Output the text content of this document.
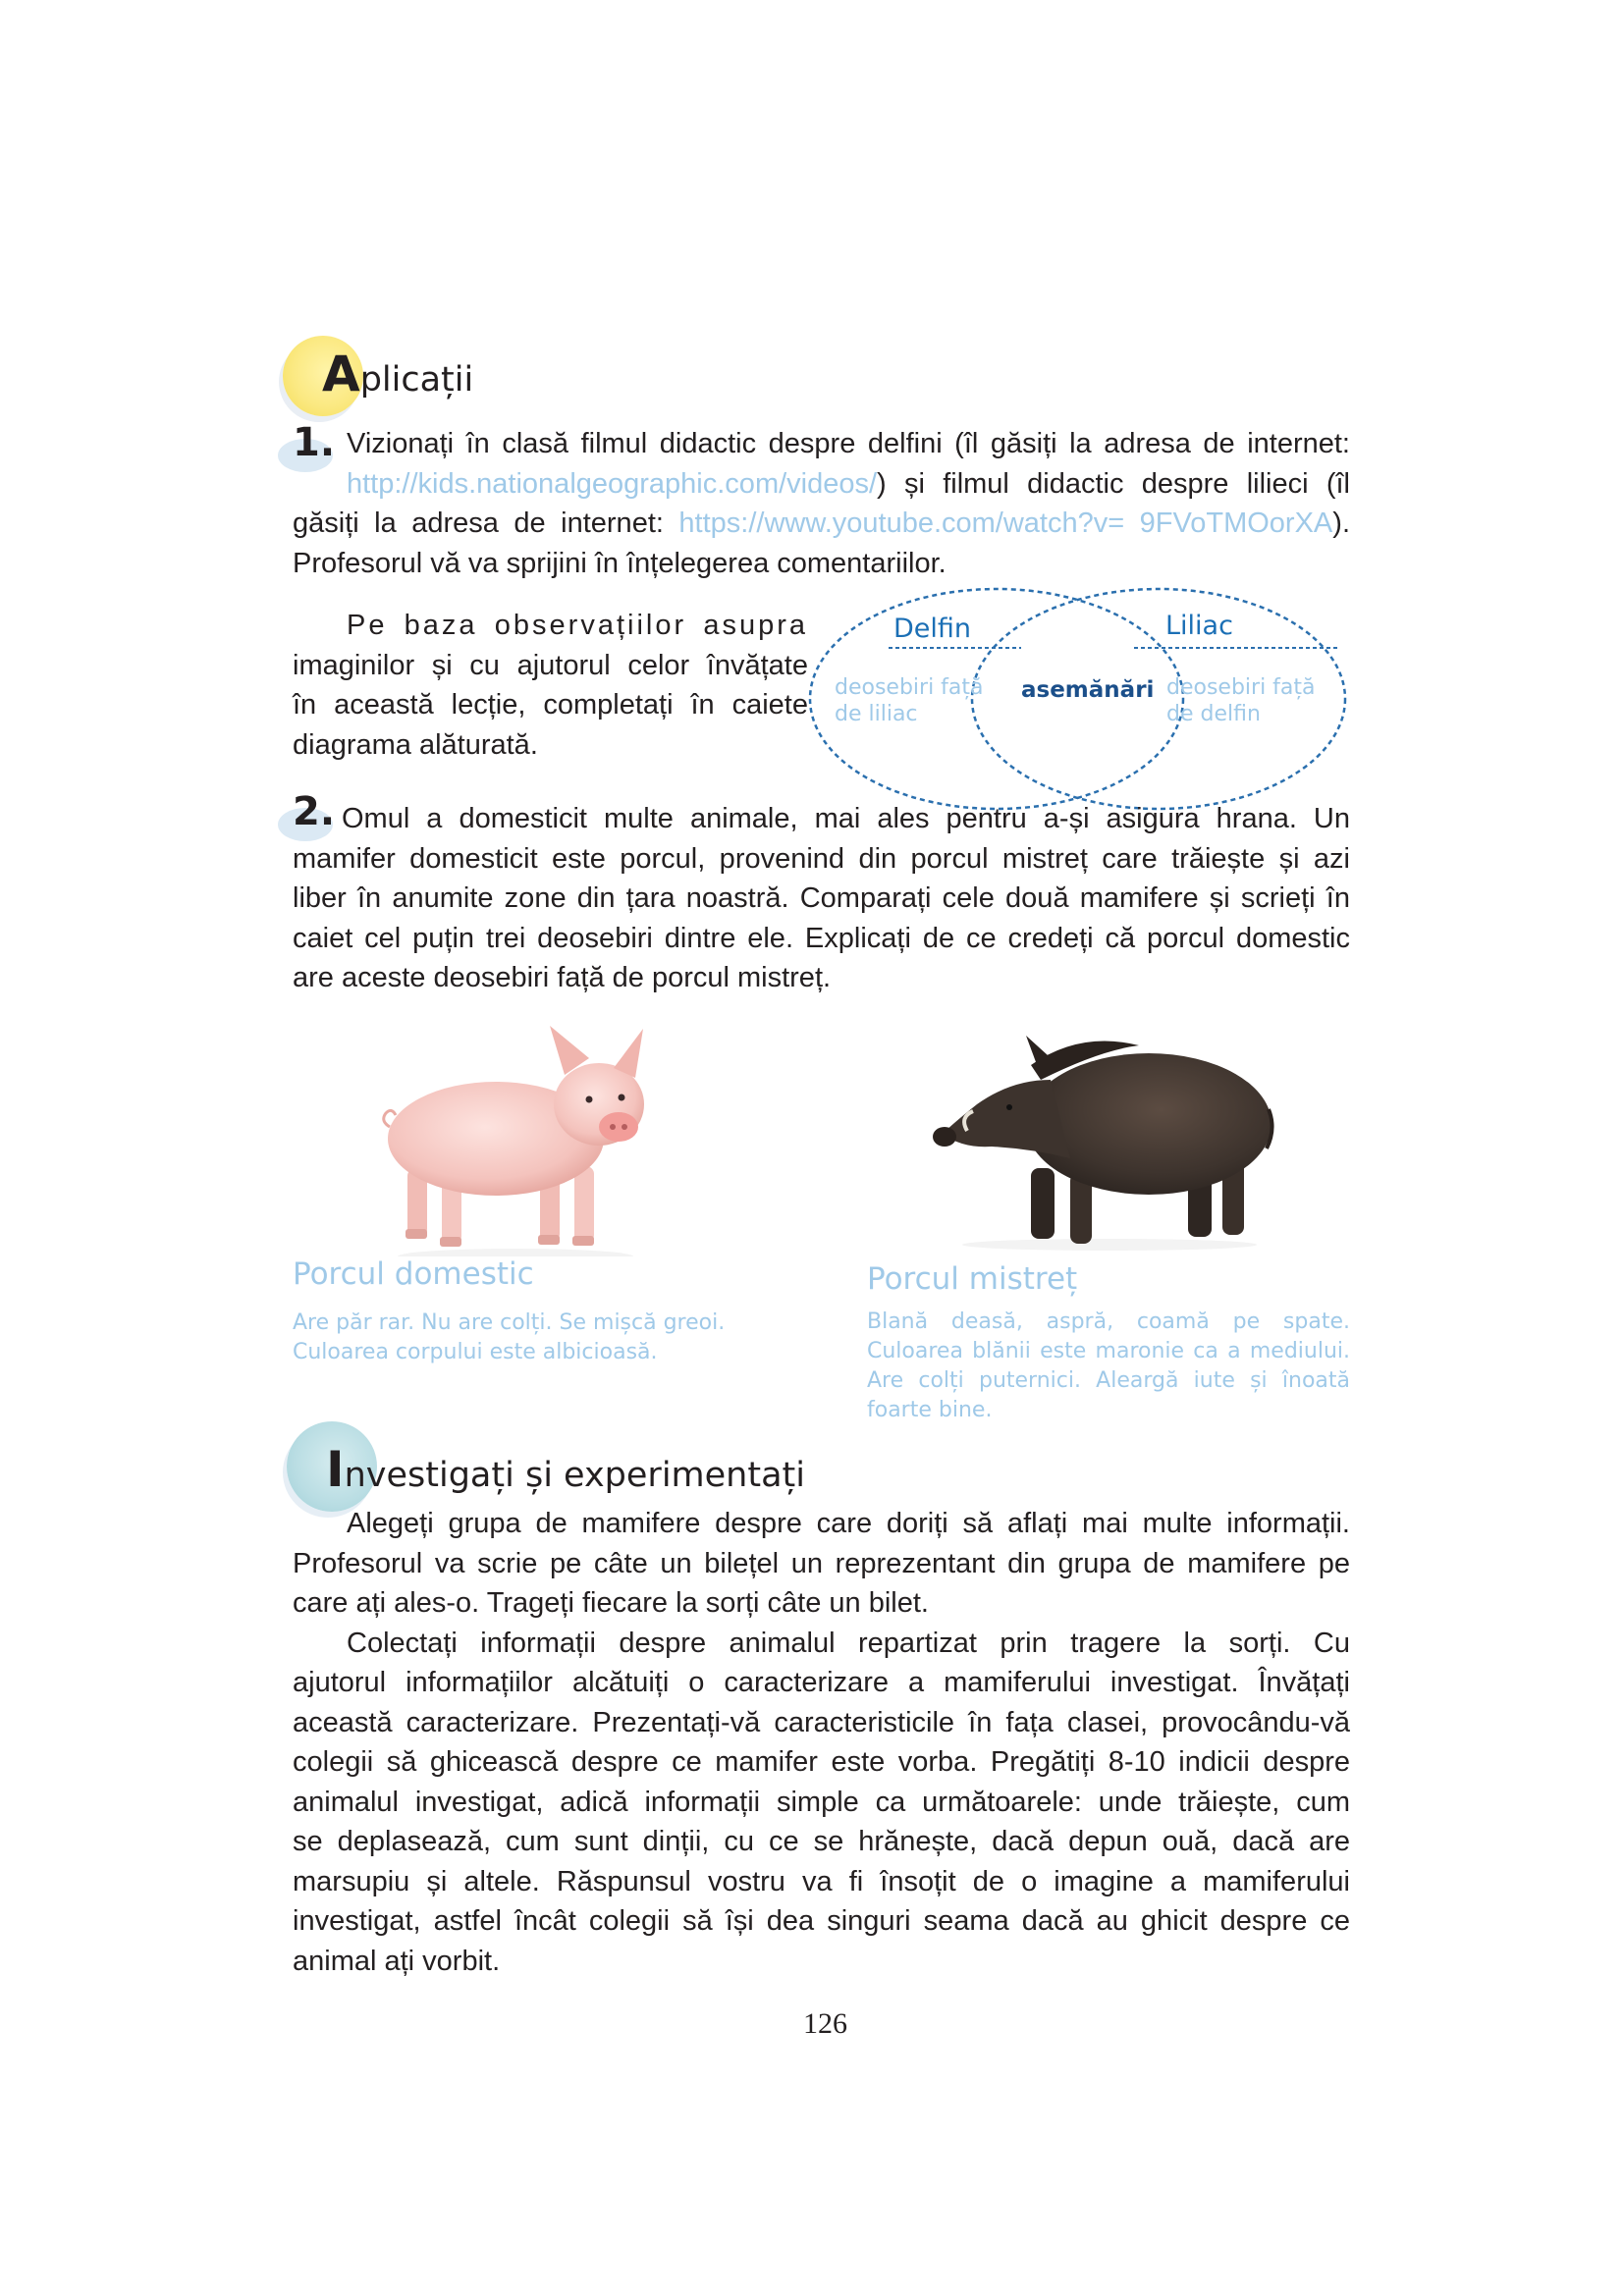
Aplicații
1. Vizionați în clasă filmul didactic despre delfini (îl găsiți la adresa de internet:
http://kids.nationalgeographic.com/videos/) și filmul didactic despre lilieci (îl
găsiți la adresa de internet: https://www.youtube.com/watch?v= 9FVoTMOorXA).
Profesorul vă va sprijini în înțelegerea comentariilor.
Pe baza observațiilor asupra
imaginilor și cu ajutorul celor învățate
în această lecție, completați în caiete
diagrama alăturată.
Delfin	Liliac
deosebiri față
de liliac
asemănări deosebiri față
de delfin
2. Omul a domesticit multe animale, mai ales pentru a-și asigura hrana. Un
mamifer domesticit este porcul, provenind din porcul mistreț care trăiește și azi
liber în anumite zone din țara noastră. Comparați cele două mamifere și scrieți în
caiet cel puțin trei deosebiri dintre ele. Explicați de ce credeți că porcul domestic
are aceste deosebiri față de porcul mistreț.
Porcul domestic
Are păr rar. Nu are colți. Se mișcă greoi.
Culoarea corpului este albicioasă.
Porcul mistreț
Blană deasă, aspră, coamă pe spate.
Culoarea blănii este maronie ca a mediului.
Are colți puternici. Aleargă iute și înoată
foarte bine.
Investigați și experimentați
Alegeți grupa de mamifere despre care doriți să aflați mai multe informații.
Profesorul va scrie pe câte un bilețel un reprezentant din grupa de mamifere pe
care ați ales-o. Trageți fiecare la sorți câte un bilet.
Colectați informații despre animalul repartizat prin tragere la sorți. Cu
ajutorul informațiilor alcătuiți o caracterizare a mamiferului investigat. Învățați
această caracterizare. Prezentați-vă caracteristicile în fața clasei, provocându-vă
colegii să ghicească despre ce mamifer este vorba. Pregătiți 8-10 indicii despre
animalul investigat, adică informații simple ca următoarele: unde trăiește, cum
se deplasează, cum sunt dinții, cu ce se hrănește, dacă depun ouă, dacă are
marsupiu și altele. Răspunsul vostru va fi însoțit de o imagine a mamiferului
investigat, astfel încât colegii să își dea singuri seama dacă au ghicit despre ce
animal ați vorbit.
126
